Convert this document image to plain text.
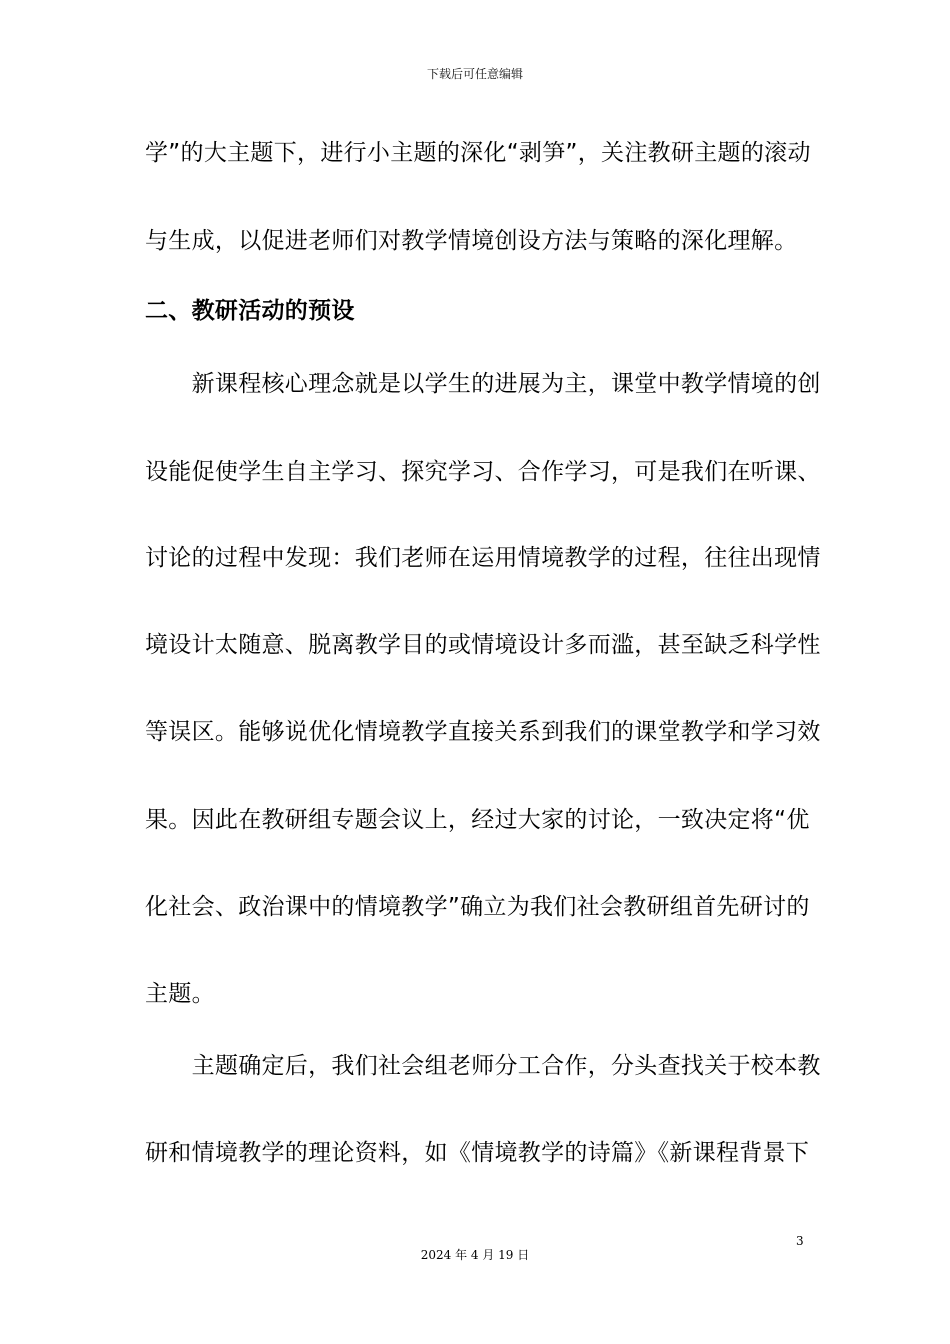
下载后可任意编辑
学”的大主题下，进行小主题的深化“剥笋”，关注教研主题的滚动
与生成，以促进老师们对教学情境创设方法与策略的深化理解。
二、教研活动的预设
　　新课程核心理念就是以学生的进展为主，课堂中教学情境的创
设能促使学生自主学习、探究学习、合作学习，可是我们在听课、
讨论的过程中发现：我们老师在运用情境教学的过程，往往出现情
境设计太随意、脱离教学目的或情境设计多而滥，甚至缺乏科学性
等误区。能够说优化情境教学直接关系到我们的课堂教学和学习效
果。因此在教研组专题会议上，经过大家的讨论，一致决定将“优
化社会、政治课中的情境教学”确立为我们社会教研组首先研讨的
主题。
　　主题确定后，我们社会组老师分工合作，分头查找关于校本教
研和情境教学的理论资料，如《情境教学的诗篇》《新课程背景下
3
2024 年 4 月 19 日
